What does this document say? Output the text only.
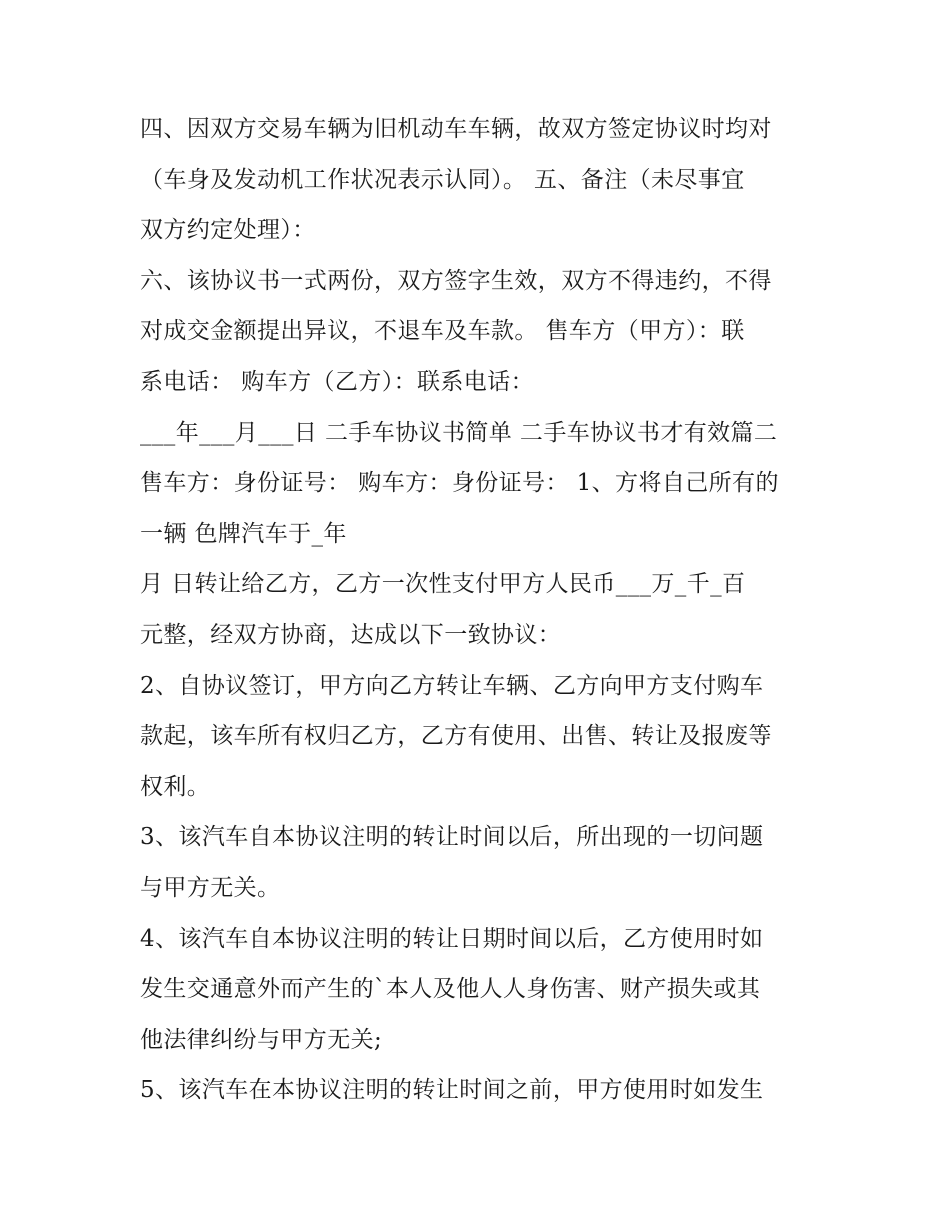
四、因双方交易车辆为旧机动车车辆，故双方签定协议时均对
（车身及发动机工作状况表示认同）。 五、备注（未尽事宜
双方约定处理）：
六、该协议书一式两份，双方签字生效，双方不得违约，不得
对成交金额提出异议，不退车及车款。 售车方（甲方）：联
系电话： 购车方（乙方）：联系电话：
___年___月___日 二手车协议书简单 二手车协议书才有效篇二
售车方：身份证号： 购车方：身份证号： 1、方将自己所有的
一辆 色牌汽车于_年
月 日转让给乙方，乙方一次性支付甲方人民币___万_千_百
元整，经双方协商，达成以下一致协议：
2、自协议签订，甲方向乙方转让车辆、乙方向甲方支付购车
款起，该车所有权归乙方，乙方有使用、出售、转让及报废等
权利。
3、该汽车自本协议注明的转让时间以后，所出现的一切问题
与甲方无关。
4、该汽车自本协议注明的转让日期时间以后，乙方使用时如
发生交通意外而产生的`本人及他人人身伤害、财产损失或其
他法律纠纷与甲方无关;
5、该汽车在本协议注明的转让时间之前，甲方使用时如发生
